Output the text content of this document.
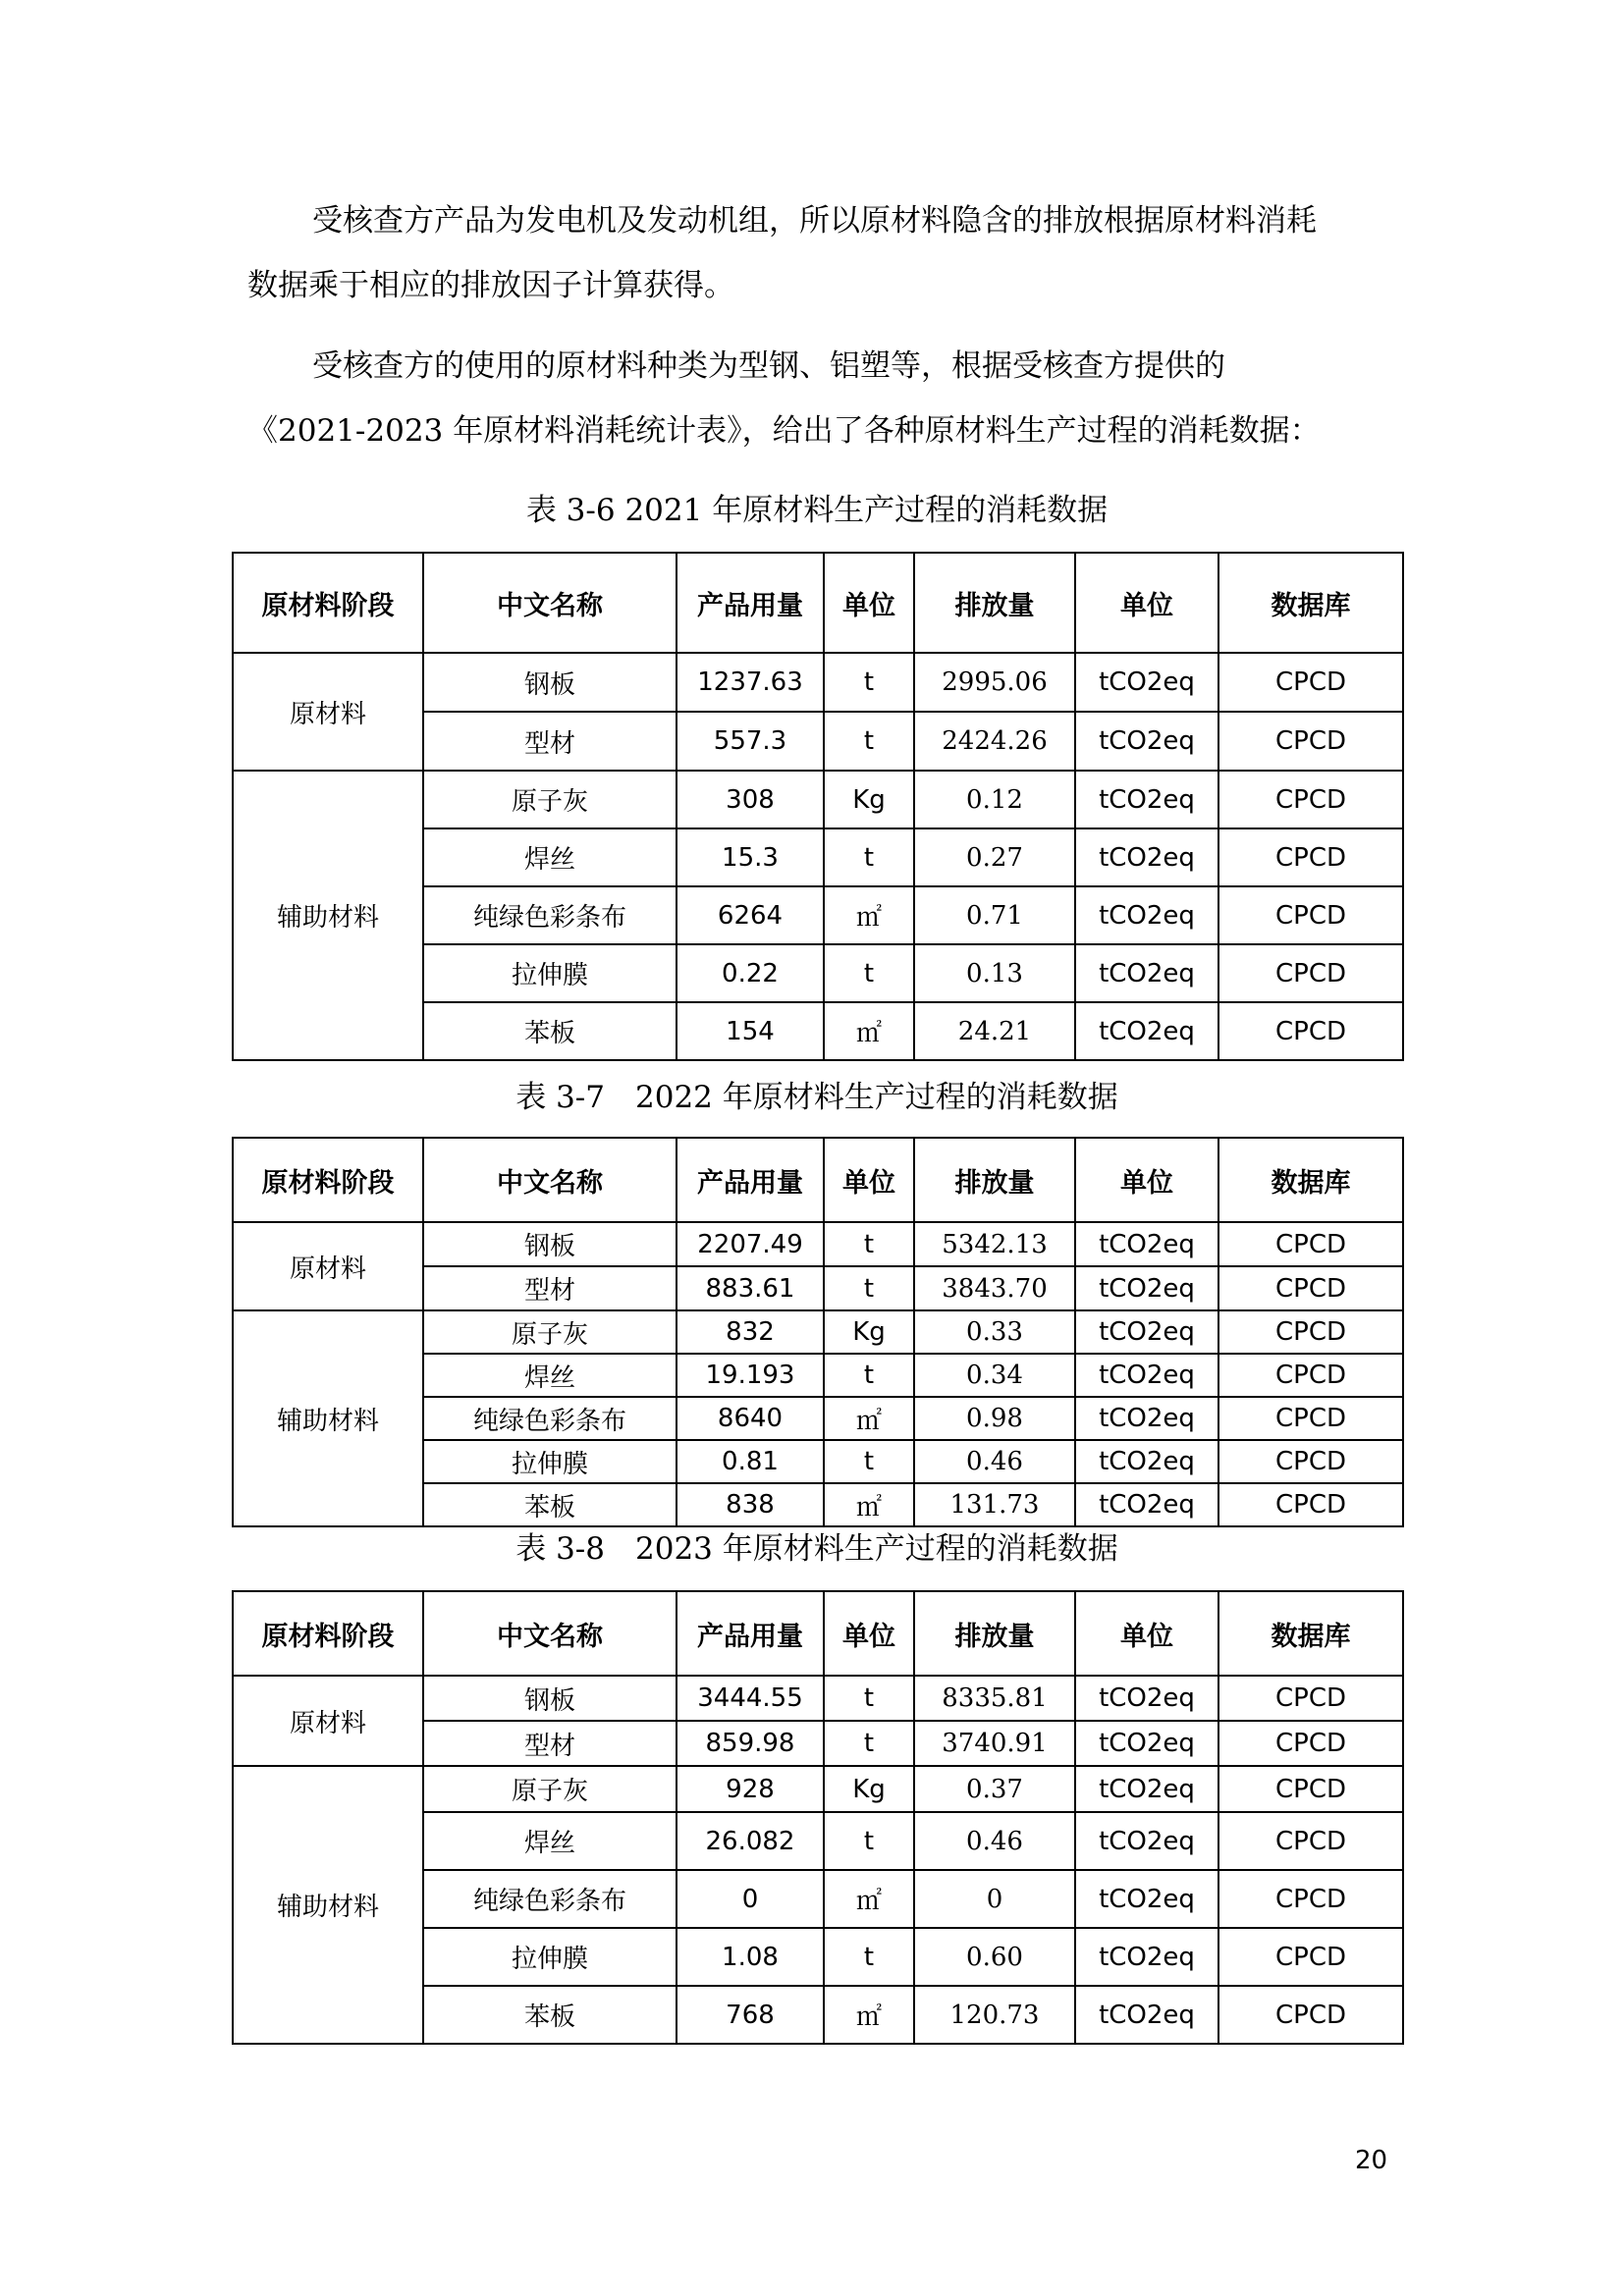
受核查方产品为发电机及发动机组，所以原材料隐含的排放根据原材料消耗
数据乘于相应的排放因子计算获得。

受核查方的使用的原材料种类为型钢、铝塑等，根据受核查方提供的
《2021-2023 年原材料消耗统计表》，给出了各种原材料生产过程的消耗数据：

表 3-6 2021 年原材料生产过程的消耗数据

原材料阶段	中文名称	产品用量	单位	排放量	单位	数据库
原材料	钢板	1237.63	t	2995.06	tCO2eq	CPCD
	型材	557.3	t	2424.26	tCO2eq	CPCD
辅助材料	原子灰	308	Kg	0.12	tCO2eq	CPCD
	焊丝	15.3	t	0.27	tCO2eq	CPCD
	纯绿色彩条布	6264	㎡	0.71	tCO2eq	CPCD
	拉伸膜	0.22	t	0.13	tCO2eq	CPCD
	苯板	154	㎡	24.21	tCO2eq	CPCD

表 3-7　2022 年原材料生产过程的消耗数据

原材料阶段	中文名称	产品用量	单位	排放量	单位	数据库
原材料	钢板	2207.49	t	5342.13	tCO2eq	CPCD
	型材	883.61	t	3843.70	tCO2eq	CPCD
辅助材料	原子灰	832	Kg	0.33	tCO2eq	CPCD
	焊丝	19.193	t	0.34	tCO2eq	CPCD
	纯绿色彩条布	8640	㎡	0.98	tCO2eq	CPCD
	拉伸膜	0.81	t	0.46	tCO2eq	CPCD
	苯板	838	㎡	131.73	tCO2eq	CPCD

表 3-8　2023 年原材料生产过程的消耗数据

原材料阶段	中文名称	产品用量	单位	排放量	单位	数据库
原材料	钢板	3444.55	t	8335.81	tCO2eq	CPCD
	型材	859.98	t	3740.91	tCO2eq	CPCD
辅助材料	原子灰	928	Kg	0.37	tCO2eq	CPCD
	焊丝	26.082	t	0.46	tCO2eq	CPCD
	纯绿色彩条布	0	㎡	0	tCO2eq	CPCD
	拉伸膜	1.08	t	0.60	tCO2eq	CPCD
	苯板	768	㎡	120.73	tCO2eq	CPCD
20
